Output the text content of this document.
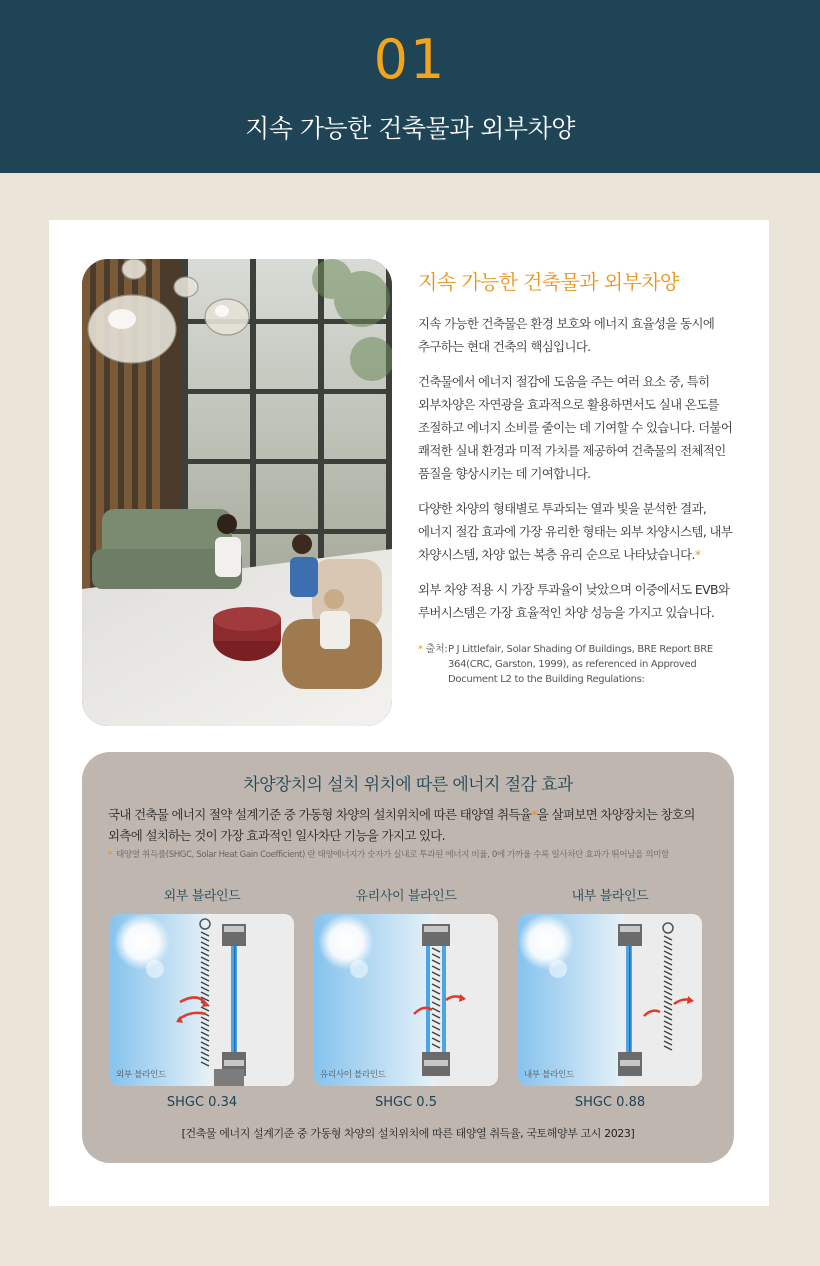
01
지속 가능한 건축물과 외부차양
지속 가능한 건축물과 외부차양

지속 가능한 건축물은 환경 보호와 에너지 효율성을 동시에 추구하는 현대 건축의 핵심입니다.

건축물에서 에너지 절감에 도움을 주는 여러 요소 중, 특히 외부차양은 자연광을 효과적으로 활용하면서도 실내 온도를 조절하고 에너지 소비를 줄이는 데 기여할 수 있습니다. 더불어 쾌적한 실내 환경과 미적 가치를 제공하여 건축물의 전체적인 품질을 향상시키는 데 기여합니다.

다양한 차양의 형태별로 투과되는 열과 빛을 분석한 결과, 에너지 절감 효과에 가장 유리한 형태는 외부 차양시스템, 내부 차양시스템, 차양 없는 복층 유리 순으로 나타났습니다.*

외부 차양 적용 시 가장 투과율이 낮았으며 이중에서도 EVB와 루버시스템은 가장 효율적인 차양 성능을 가지고 있습니다.

* 출처: P J Littlefair, Solar Shading Of Buildings, BRE Report BRE 364(CRC, Garston, 1999), as referenced in Approved Document L2 to the Building Regulations:
차양장치의 설치 위치에 따른 에너지 절감 효과
국내 건축물 에너지 절약 설계기준 중 가동형 차양의 설치위치에 따른 태양열 취득율*을 살펴보면 차양장치는 창호의 외측에 설치하는 것이 가장 효과적인 일사차단 기능을 가지고 있다.
* 태양열 취득률(SHGC, Solar Heat Gain Coefficient) 란 태양에너지가 숫자가 실내로 투과된 에너지 비율, 0에 가까울 수록 일사차단 효과가 뛰어남을 의미함
외부 블라인드
외부 블라인드
SHGC 0.34
유리사이 블라인드
유리사이 블라인드
SHGC 0.5
내부 블라인드
내부 블라인드
SHGC 0.88
[건축물 에너지 설계기준 중 가동형 차양의 설치위치에 따른 태양열 취득율, 국토해양부 고시 2023]
